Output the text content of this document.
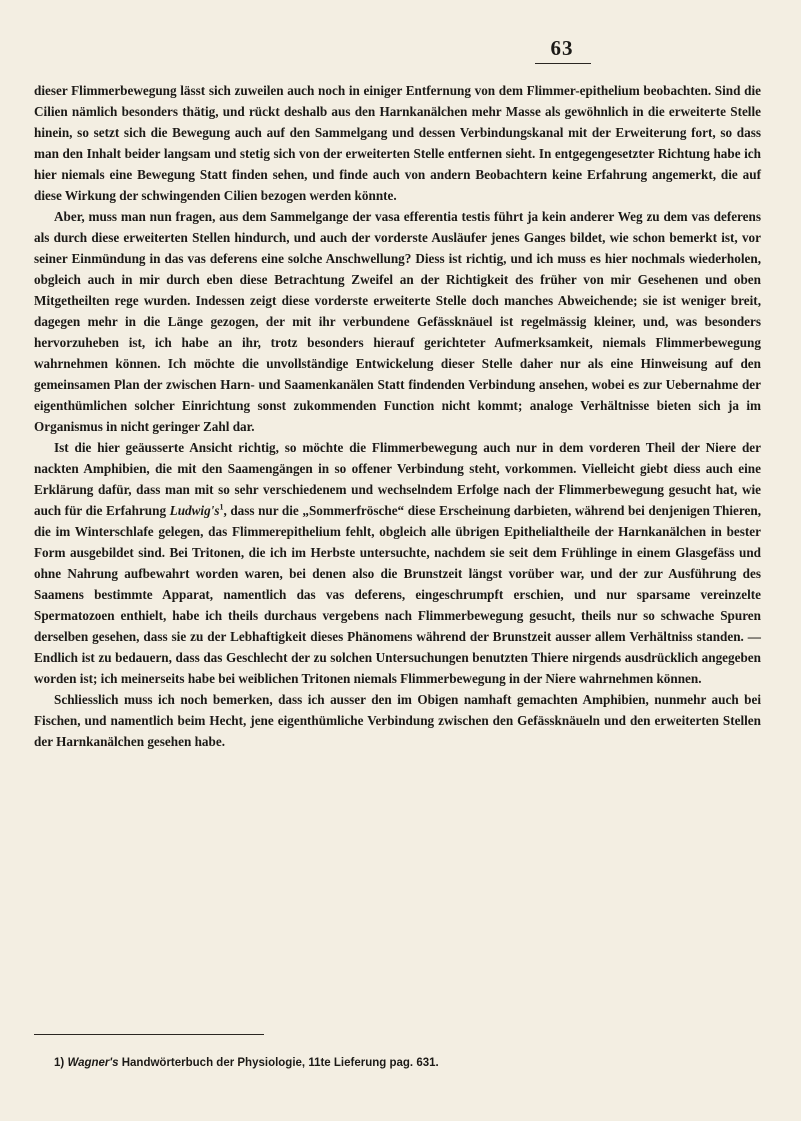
63

dieser Flimmerbewegung lässt sich zuweilen auch noch in einiger Entfernung von dem Flimmer-epithelium beobachten. Sind die Cilien nämlich besonders thätig, und rückt deshalb aus den Harnkanälchen mehr Masse als gewöhnlich in die erweiterte Stelle hinein, so setzt sich die Bewegung auch auf den Sammelgang und dessen Verbindungskanal mit der Erweiterung fort, so dass man den Inhalt beider langsam und stetig sich von der erweiterten Stelle entfernen sieht. In entgegengesetzter Richtung habe ich hier niemals eine Bewegung Statt finden sehen, und finde auch von andern Beobachtern keine Erfahrung angemerkt, die auf diese Wirkung der schwingenden Cilien bezogen werden könnte.

Aber, muss man nun fragen, aus dem Sammelgange der vasa efferentia testis führt ja kein anderer Weg zu dem vas deferens als durch diese erweiterten Stellen hindurch, und auch der vorderste Ausläufer jenes Ganges bildet, wie schon bemerkt ist, vor seiner Einmündung in das vas deferens eine solche Anschwellung? Diess ist richtig, und ich muss es hier nochmals wiederholen, obgleich auch in mir durch eben diese Betrachtung Zweifel an der Richtigkeit des früher von mir Gesehenen und oben Mitgetheilten rege wurden. Indessen zeigt diese vorderste erweiterte Stelle doch manches Abweichende; sie ist weniger breit, dagegen mehr in die Länge gezogen, der mit ihr verbundene Gefässknäuel ist regelmässig kleiner, und, was besonders hervorzuheben ist, ich habe an ihr, trotz besonders hierauf gerichteter Aufmerksamkeit, niemals Flimmerbewegung wahrnehmen können. Ich möchte die unvollständige Entwickelung dieser Stelle daher nur als eine Hinweisung auf den gemeinsamen Plan der zwischen Harn- und Saamenkanälen Statt findenden Verbindung ansehen, wobei es zur Uebernahme der eigenthümlichen solcher Einrichtung sonst zukommenden Function nicht kommt; analoge Verhältnisse bieten sich ja im Organismus in nicht geringer Zahl dar.

Ist die hier geäusserte Ansicht richtig, so möchte die Flimmerbewegung auch nur in dem vorderen Theil der Niere der nackten Amphibien, die mit den Saamengängen in so offener Verbindung steht, vorkommen. Vielleicht giebt diess auch eine Erklärung dafür, dass man mit so sehr verschiedenem und wechselndem Erfolge nach der Flimmerbewegung gesucht hat, wie auch für die Erfahrung $Ludwig's^1$, dass nur die „Sommerfrösche“ diese Erscheinung darbieten, während bei denjenigen Thieren, die im Winterschlafe gelegen, das Flimmerepithelium fehlt, obgleich alle übrigen Epithelialtheile der Harnkanälchen in bester Form ausgebildet sind. Bei Tritonen, die ich im Herbste untersuchte, nachdem sie seit dem Frühlinge in einem Glasgefäss und ohne Nahrung aufbewahrt worden waren, bei denen also die Brunstzeit längst vorüber war, und der zur Ausführung des Saamens bestimmte Apparat, namentlich das vas deferens, eingeschrumpft erschien, und nur sparsame vereinzelte Spermatozoen enthielt, habe ich theils durchaus vergebens nach Flimmerbewegung gesucht, theils nur so schwache Spuren derselben gesehen, dass sie zu der Lebhaftigkeit dieses Phänomens während der Brunstzeit ausser allem Verhältniss standen. — Endlich ist zu bedauern, dass das Geschlecht der zu solchen Untersuchungen benutzten Thiere nirgends ausdrücklich angegeben worden ist; ich meinerseits habe bei weiblichen Tritonen niemals Flimmerbewegung in der Niere wahrnehmen können.

Schliesslich muss ich noch bemerken, dass ich ausser den im Obigen namhaft gemachten Amphibien, nunmehr auch bei Fischen, und namentlich beim Hecht, jene eigenthümliche Verbindung zwischen den Gefässknäueln und den erweiterten Stellen der Harnkanälchen gesehen habe.

1) Wagner's Handwörterbuch der Physiologie, 11te Lieferung pag. 631.
